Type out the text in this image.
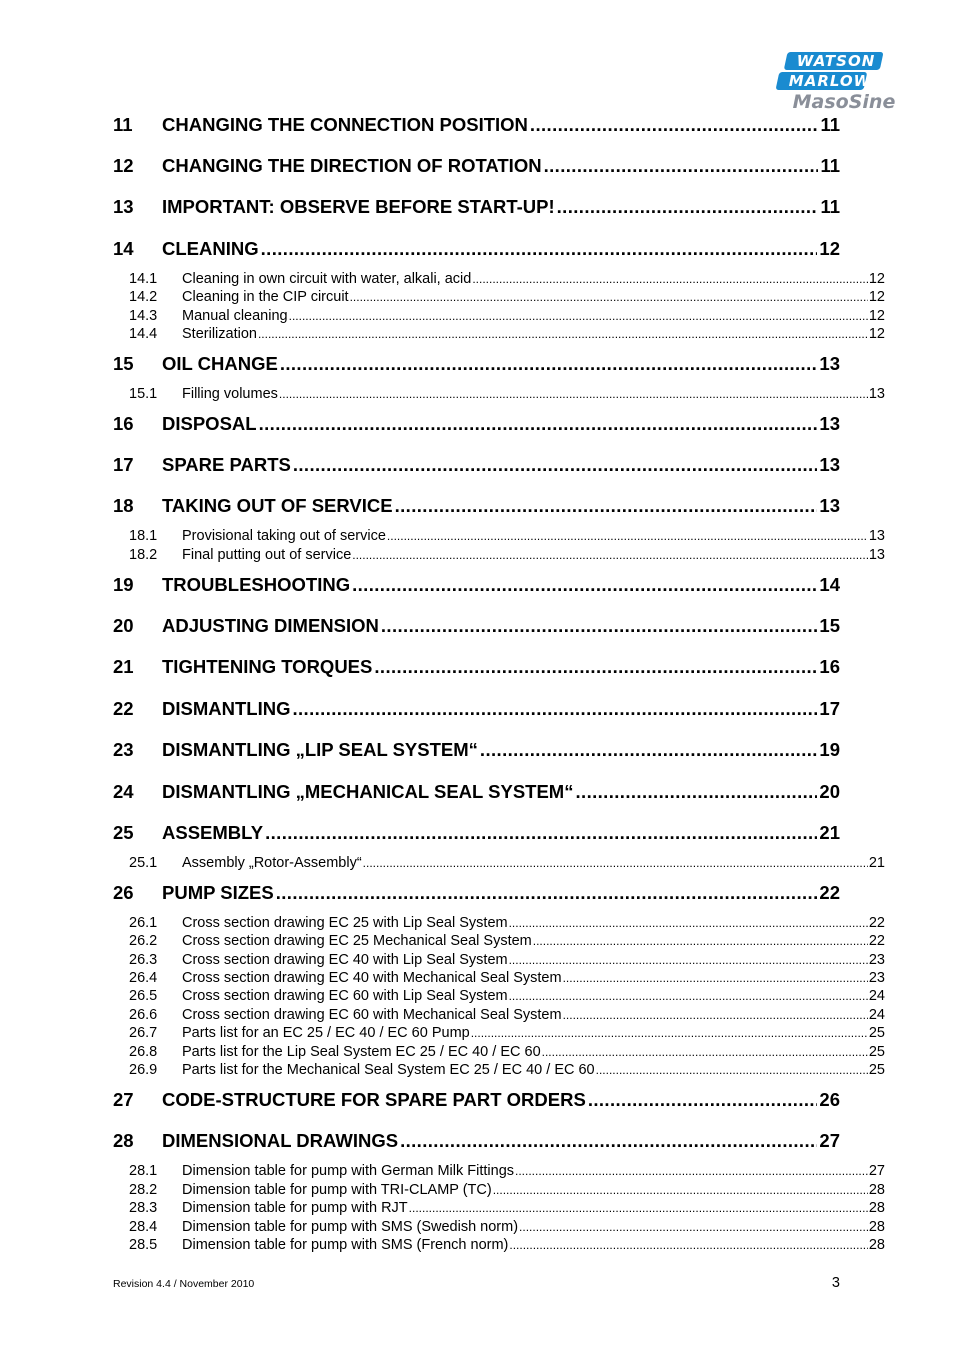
WATSON
MARLOW
MasoSine
11	CHANGING THE CONNECTION POSITION .....	11
12	CHANGING THE DIRECTION OF ROTATION .....	11
13	IMPORTANT: OBSERVE BEFORE START-UP! .....	11
14	CLEANING .....	12
14.1	Cleaning in own circuit with water, alkali, acid .....	12
14.2	Cleaning in the CIP circuit .....	12
14.3	Manual cleaning .....	12
14.4	Sterilization .....	12
15	OIL CHANGE .....	13
15.1	Filling volumes .....	13
16	DISPOSAL .....	13
17	SPARE PARTS .....	13
18	TAKING OUT OF SERVICE .....	13
18.1	Provisional taking out of service .....	13
18.2	Final putting out of service .....	13
19	TROUBLESHOOTING .....	14
20	ADJUSTING DIMENSION .....	15
21	TIGHTENING TORQUES .....	16
22	DISMANTLING .....	17
23	DISMANTLING „LIP SEAL SYSTEM“ .....	19
24	DISMANTLING „MECHANICAL SEAL SYSTEM“ .....	20
25	ASSEMBLY .....	21
25.1	Assembly „Rotor-Assembly“ .....	21
26	PUMP SIZES .....	22
26.1	Cross section drawing EC 25 with Lip Seal System .....	22
26.2	Cross section drawing EC 25 Mechanical Seal System .....	22
26.3	Cross section drawing EC 40 with Lip Seal System .....	23
26.4	Cross section drawing EC 40 with Mechanical Seal System .....	23
26.5	Cross section drawing EC 60 with Lip Seal System .....	24
26.6	Cross section drawing EC 60 with Mechanical Seal System .....	24
26.7	Parts list for an EC 25 / EC 40 / EC 60 Pump .....	25
26.8	Parts list for the Lip Seal System EC 25 / EC 40 / EC 60 .....	25
26.9	Parts list for the Mechanical Seal System EC 25 / EC 40 / EC 60 .....	25
27	CODE-STRUCTURE FOR SPARE PART ORDERS .....	26
28	DIMENSIONAL DRAWINGS .....	27
28.1	Dimension table for pump with German Milk Fittings .....	27
28.2	Dimension table for pump with TRI-CLAMP (TC) .....	28
28.3	Dimension table for pump with RJT .....	28
28.4	Dimension table for pump with SMS (Swedish norm) .....	28
28.5	Dimension table for pump with SMS (French norm) .....	28
Revision 4.4 / November 2010	3
